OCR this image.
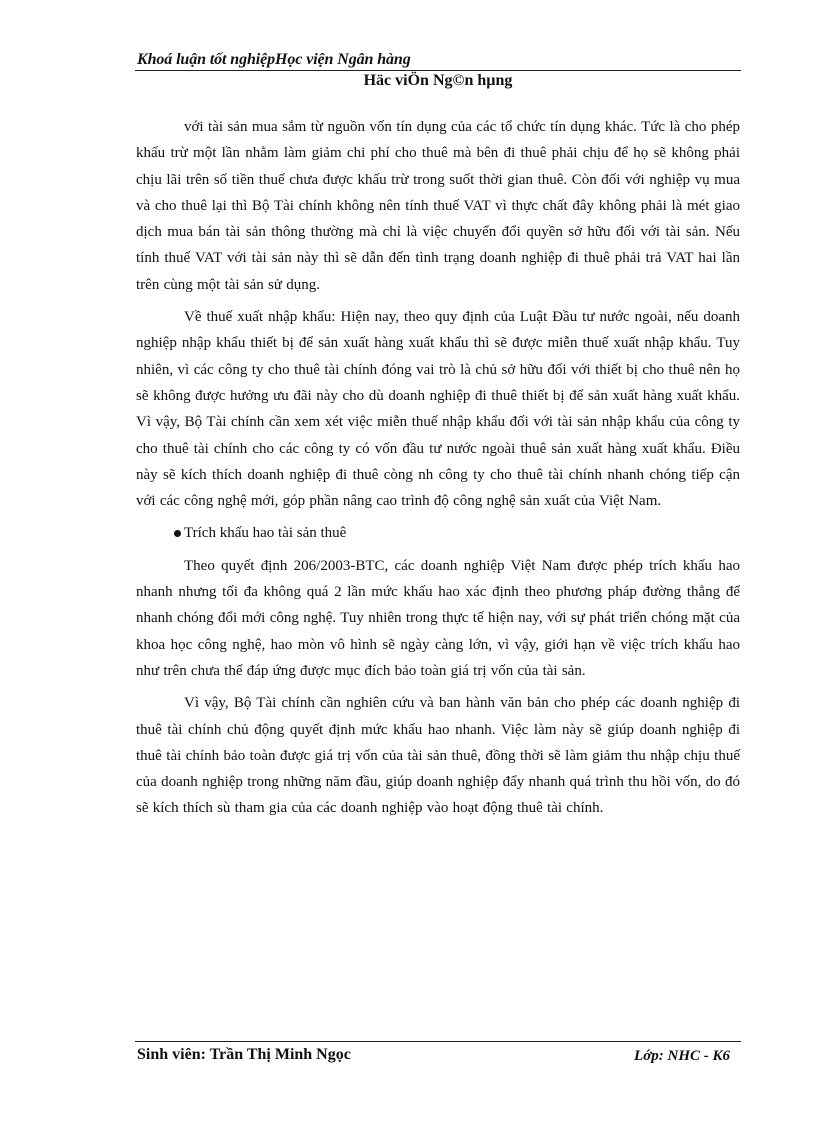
Khoá luận tốt nghiệpHọc viện Ngân hàng
Häc viÖn Ng©n hµng

với tài sản mua sắm từ nguồn vốn tín dụng của các tổ chức tín dụng khác. Tức là cho phép khấu trừ một lần nhằm làm giảm chi phí cho thuê mà bên đi thuê phải chịu để họ sẽ không phải chịu lãi trên số tiền thuế chưa được khấu trừ trong suốt thời gian thuê. Còn đối với nghiệp vụ mua và cho thuê lại thì Bộ Tài chính không nên tính thuế VAT vì thực chất đây không phải là mét giao dịch mua bán tài sản thông thường mà chỉ là việc chuyển đổi quyền sở hữu đối với tài sản. Nếu tính thuế VAT với tài sản này thì sẽ dẫn đến tình trạng doanh nghiệp đi thuê phải trả VAT hai lần trên cùng một tài sản sử dụng.

Về thuế xuất nhập khẩu: Hiện nay, theo quy định của Luật Đầu tư nước ngoài, nếu doanh nghiệp nhập khẩu thiết bị để sản xuất hàng xuất khẩu thì sẽ được miễn thuế xuất nhập khẩu. Tuy nhiên, vì các công ty cho thuê tài chính đóng vai trò là chủ sở hữu đối với thiết bị cho thuê nên họ sẽ không được hưởng ưu đãi này cho dù doanh nghiệp đi thuê thiết bị để sản xuất hàng xuất khẩu. Vì vậy, Bộ Tài chính cần xem xét việc miễn thuế nhập khẩu đối với tài sản nhập khẩu của công ty cho thuê tài chính cho các công ty có vốn đầu tư nước ngoài thuê sản xuất hàng xuất khẩu. Điều này sẽ kích thích doanh nghiệp đi thuê còng nh công ty cho thuê tài chính nhanh chóng tiếp cận với các công nghệ mới, góp phần nâng cao trình độ công nghệ sản xuất của Việt Nam.

Trích khấu hao tài sản thuê

Theo quyết định 206/2003-BTC, các doanh nghiệp Việt Nam được phép trích khấu hao nhanh nhưng tối đa không quá 2 lần mức khấu hao xác định theo phương pháp đường thẳng để nhanh chóng đổi mới công nghệ. Tuy nhiên trong thực tế hiện nay, với sự phát triển chóng mặt của khoa học công nghệ, hao mòn vô hình sẽ ngày càng lớn, vì vậy, giới hạn về việc trích khấu hao như trên chưa thể đáp ứng được mục đích bảo toàn giá trị vốn của tài sản.

Vì vậy, Bộ Tài chính cần nghiên cứu và ban hành văn bản cho phép các doanh nghiệp đi thuê tài chính chủ động quyết định mức khấu hao nhanh. Việc làm này sẽ giúp doanh nghiệp đi thuê tài chính bảo toàn được giá trị vốn của tài sản thuê, đồng thời sẽ làm giảm thu nhập chịu thuế của doanh nghiệp trong những năm đầu, giúp doanh nghiệp đẩy nhanh quá trình thu hồi vốn, do đó sẽ kích thích sù tham gia của các doanh nghiệp vào hoạt động thuê tài chính.

Sinh viên: Trần Thị Minh Ngọc	Lớp: NHC - K6
